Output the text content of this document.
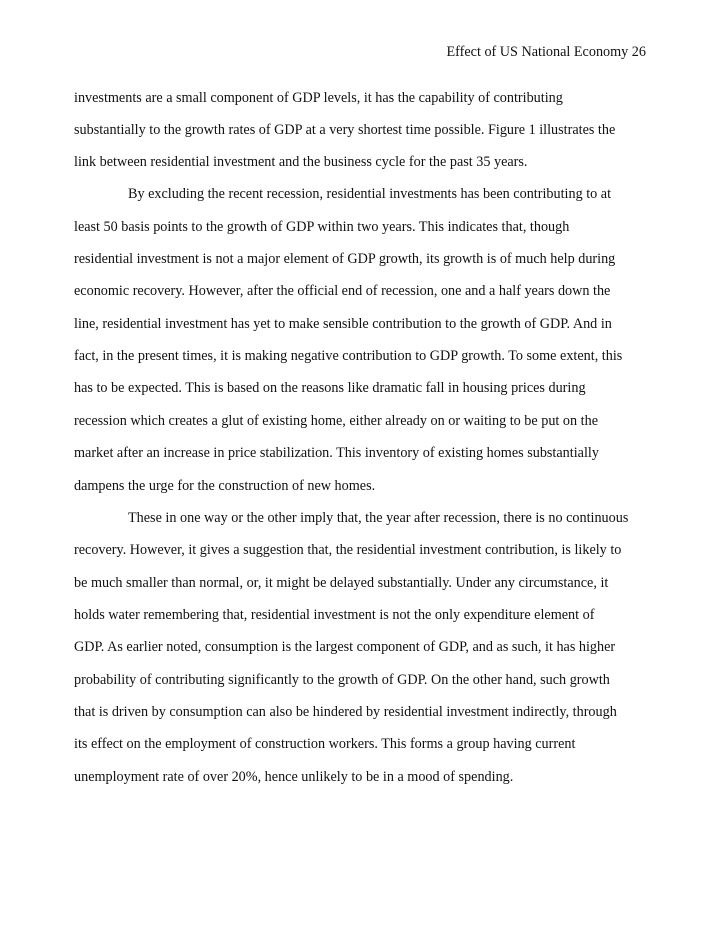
Effect of US National Economy 26
investments are a small component of GDP levels, it has the capability of contributing
substantially to the growth rates of GDP at a very shortest time possible. Figure 1 illustrates the
link between residential investment and the business cycle for the past 35 years.
By excluding the recent recession, residential investments has been contributing to at
least 50 basis points to the growth of GDP within two years. This indicates that, though
residential investment is not a major element of GDP growth, its growth is of much help during
economic recovery. However, after the official end of recession, one and a half years down the
line, residential investment has yet to make sensible contribution to the growth of GDP. And in
fact, in the present times, it is making negative contribution to GDP growth. To some extent, this
has to be expected. This is based on the reasons like dramatic fall in housing prices during
recession which creates a glut of existing home, either already on or waiting to be put on the
market after an increase in price stabilization. This inventory of existing homes substantially
dampens the urge for the construction of new homes.
These in one way or the other imply that, the year after recession, there is no continuous
recovery. However, it gives a suggestion that, the residential investment contribution, is likely to
be much smaller than normal, or, it might be delayed substantially. Under any circumstance, it
holds water remembering that, residential investment is not the only expenditure element of
GDP. As earlier noted, consumption is the largest component of GDP, and as such, it has higher
probability of contributing significantly to the growth of GDP. On the other hand, such growth
that is driven by consumption can also be hindered by residential investment indirectly, through
its effect on the employment of construction workers. This forms a group having current
unemployment rate of over 20%, hence unlikely to be in a mood of spending.
